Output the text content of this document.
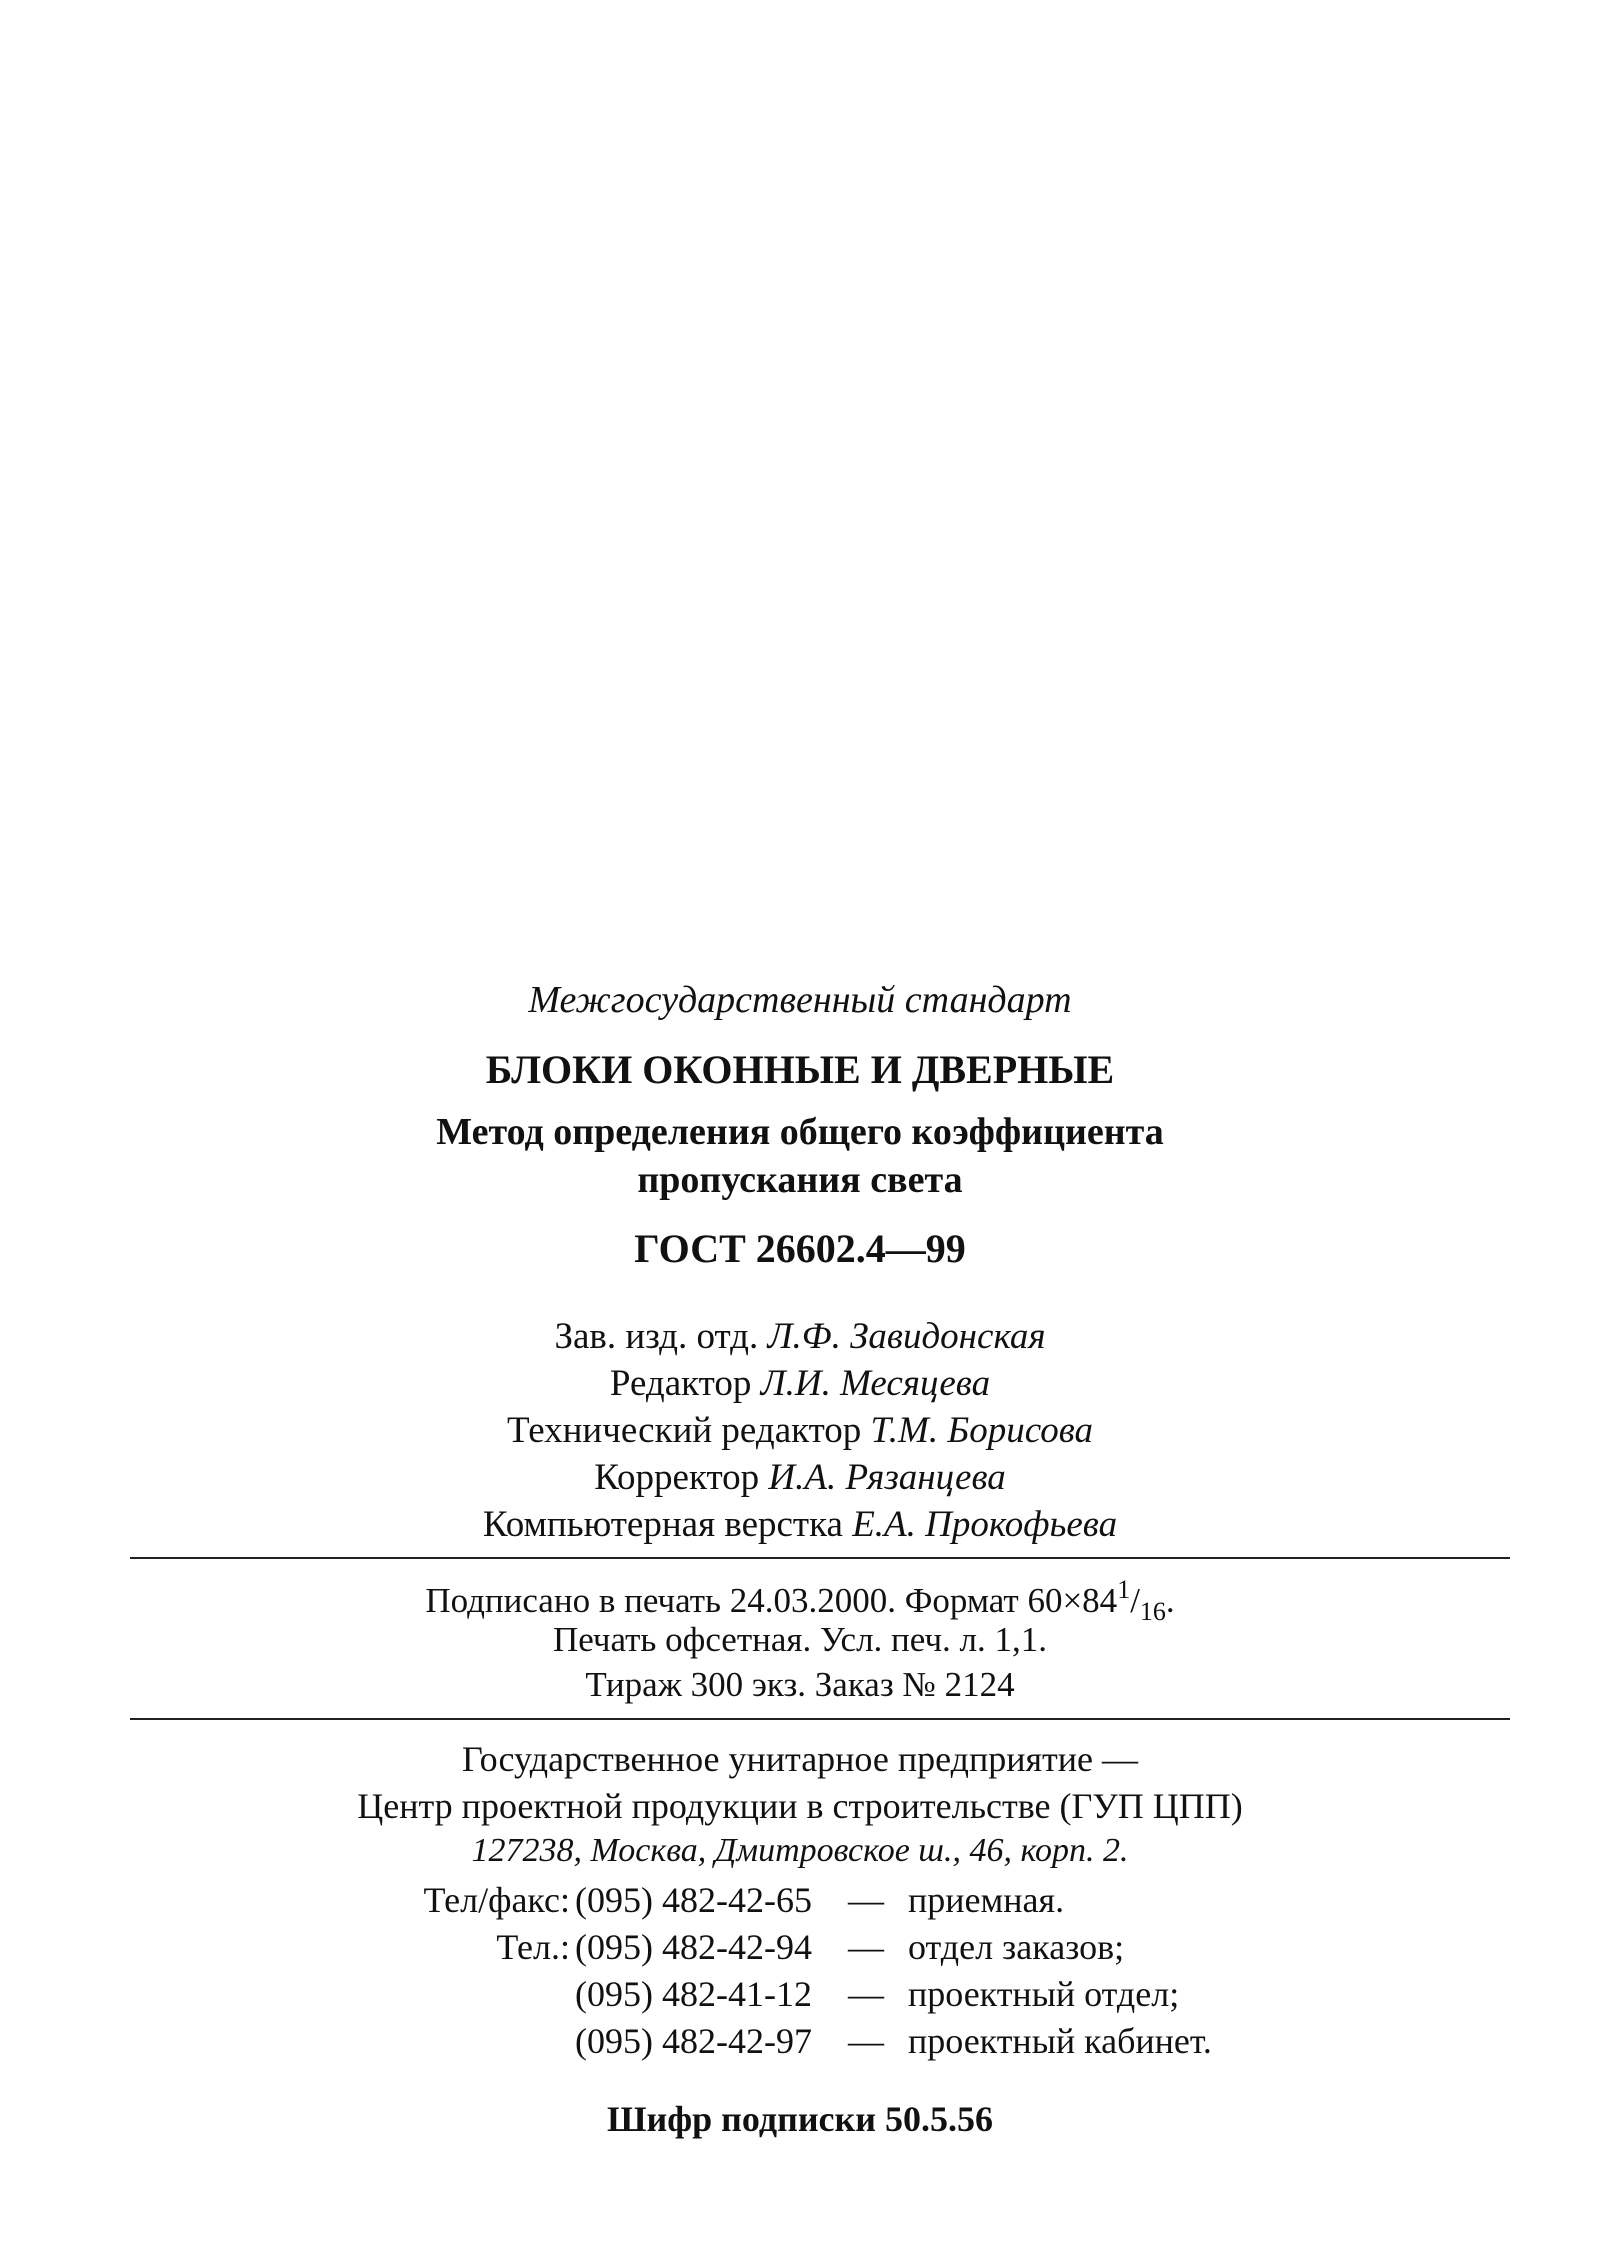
Межгосударственный стандарт
БЛОКИ ОКОННЫЕ И ДВЕРНЫЕ
Метод определения общего коэффициента
пропускания света
ГОСТ 26602.4—99
Зав. изд. отд. Л.Ф. Завидонская
Редактор Л.И. Месяцева
Технический редактор Т.М. Борисова
Корректор И.А. Рязанцева
Компьютерная верстка Е.А. Прокофьева
Подписано в печать 24.03.2000. Формат $60\times 84^1/_{16}$.
Печать офсетная. Усл. печ. л. 1,1.
Тираж 300 экз. Заказ № 2124
Государственное унитарное предприятие —
Центр проектной продукции в строительстве (ГУП ЦПП)
127238, Москва, Дмитровское ш., 46, корп. 2.
Тел/факс: (095) 482-42-65	— приемная.
Тел.: (095) 482-42-94	— отдел заказов;
(095) 482-41-12	— проектный отдел;
(095) 482-42-97	— проектный кабинет.
Шифр подписки 50.5.56
